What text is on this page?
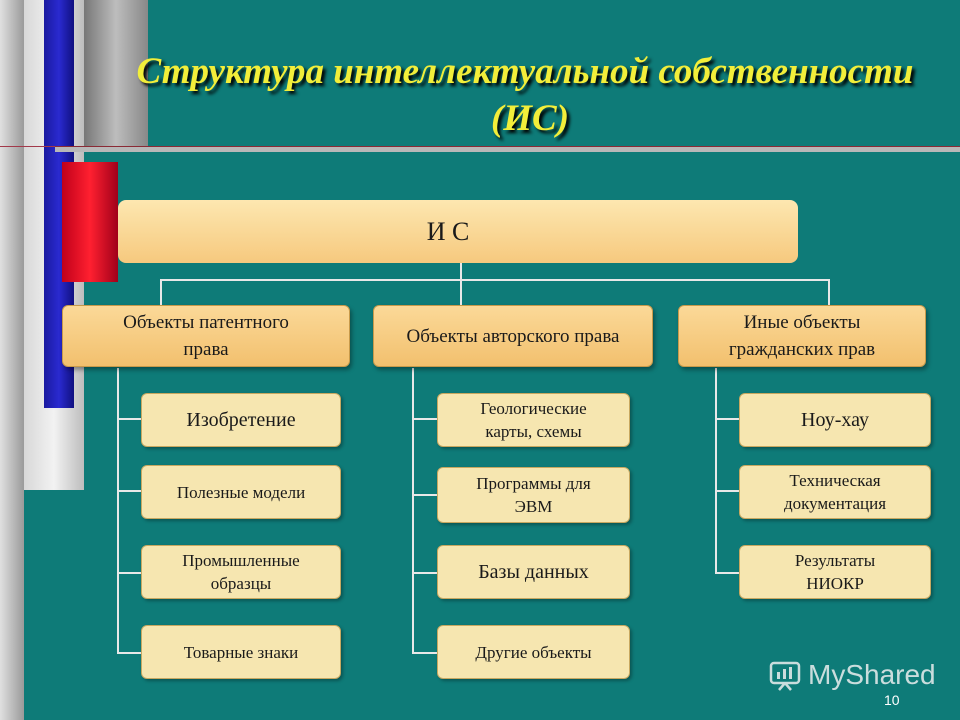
Структура интеллектуальной собственности
(ИС)
И С
Объекты патентного права
Объекты авторского права
Иные объекты гражданских прав
Изобретение
Полезные модели
Промышленные образцы
Товарные знаки
Геологические карты, схемы
Программы для ЭВМ
Базы данных
Другие объекты
Ноу-хау
Техническая документация
Результаты НИОКР
MyShared
10
